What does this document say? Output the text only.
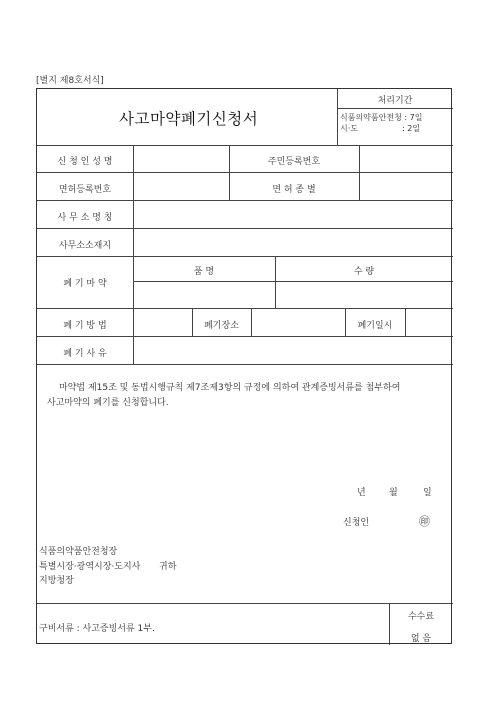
[별지 제8호서식]
사고마약폐기신청서
처리기간
식품의약품안전청 : 7일
시·도	: 2일
신 청 인 성 명	주민등록번호
면허등록번호	면 허 종 별
사 무 소 명 칭
사무소소재지
폐 기 마 약
품 명	수 량
폐 기 방 법	폐기장소	폐기일시
폐 기 사 유
마약법 제15조 및 동법시행규칙 제7조제3항의 규정에 의하여 관계증빙서류를 첨부하여
사고마약의 폐기를 신청합니다.
년	월	일
신청인	㊞
식품의약품안전청장
특별시장·광역시장·도지사 귀하
지방청장
구비서류 : 사고증빙서류 1부.
수수료
없 음
